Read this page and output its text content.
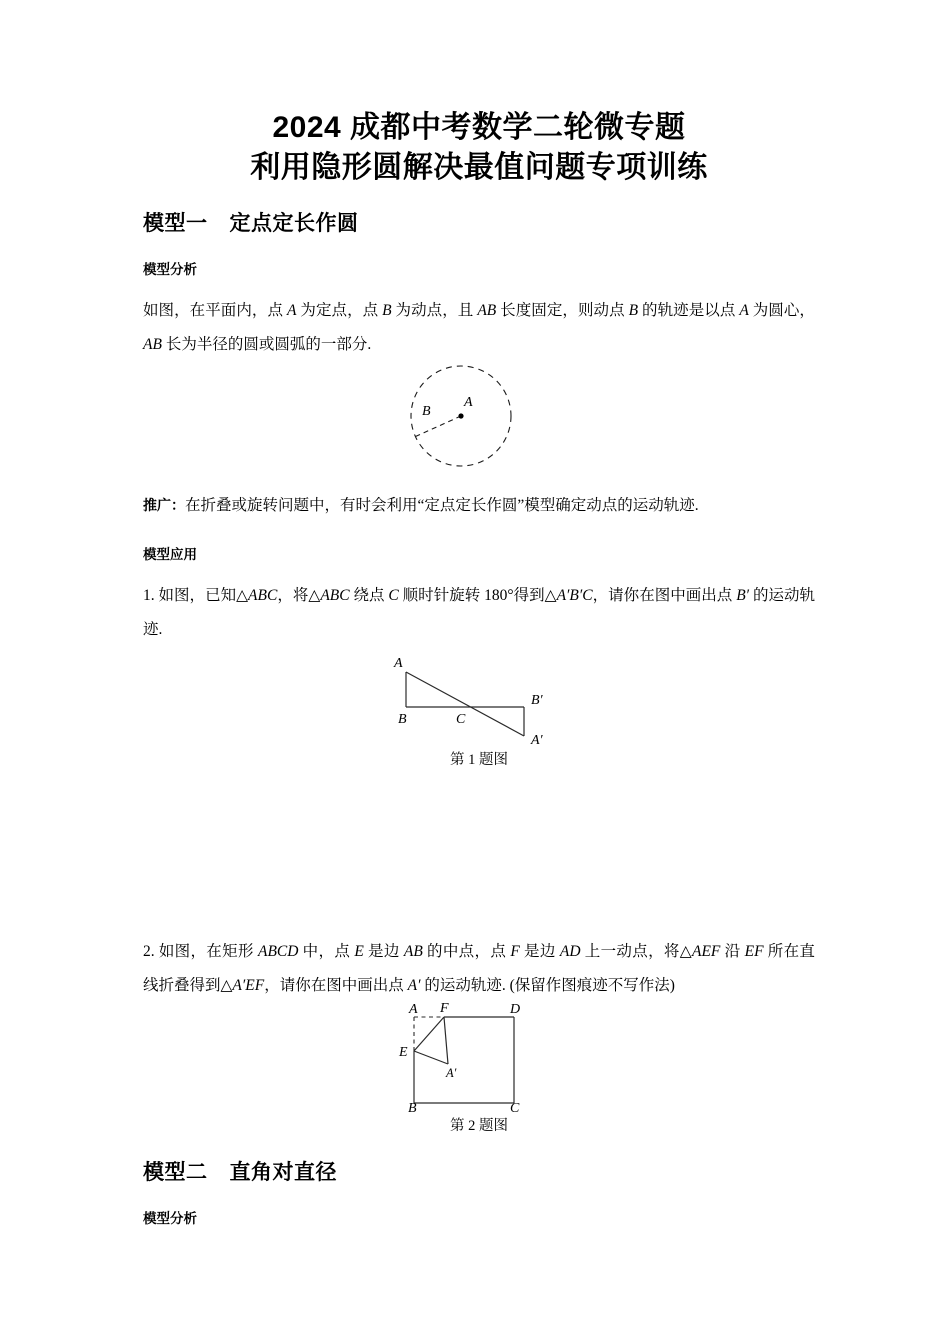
2024 成都中考数学二轮微专题
利用隐形圆解决最值问题专项训练
模型一 定点定长作圆
模型分析

如图，在平面内，点 A 为定点，点 B 为动点，且 AB 长度固定，则动点 B 的轨迹是以点 A 为圆心，AB 长为半径的圆或圆弧的一部分.

A
B

推广：在折叠或旋转问题中，有时会利用“定点定长作圆”模型确定动点的运动轨迹.

模型应用

1. 如图，已知△ABC，将△ABC 绕点 C 顺时针旋转 180°得到△A′B′C，请你在图中画出点 B′ 的运动轨迹.

A
B	C
B′
A′
第 1 题图

2. 如图，在矩形 ABCD 中，点 E 是边 AB 的中点，点 F 是边 AD 上一动点，将△AEF 沿 EF 所在直线折叠得到△A′EF，请你在图中画出点 A′ 的运动轨迹. (保留作图痕迹不写作法)

A F	D
E
A′
B	C
第 2 题图
模型二 直角对直径
模型分析
